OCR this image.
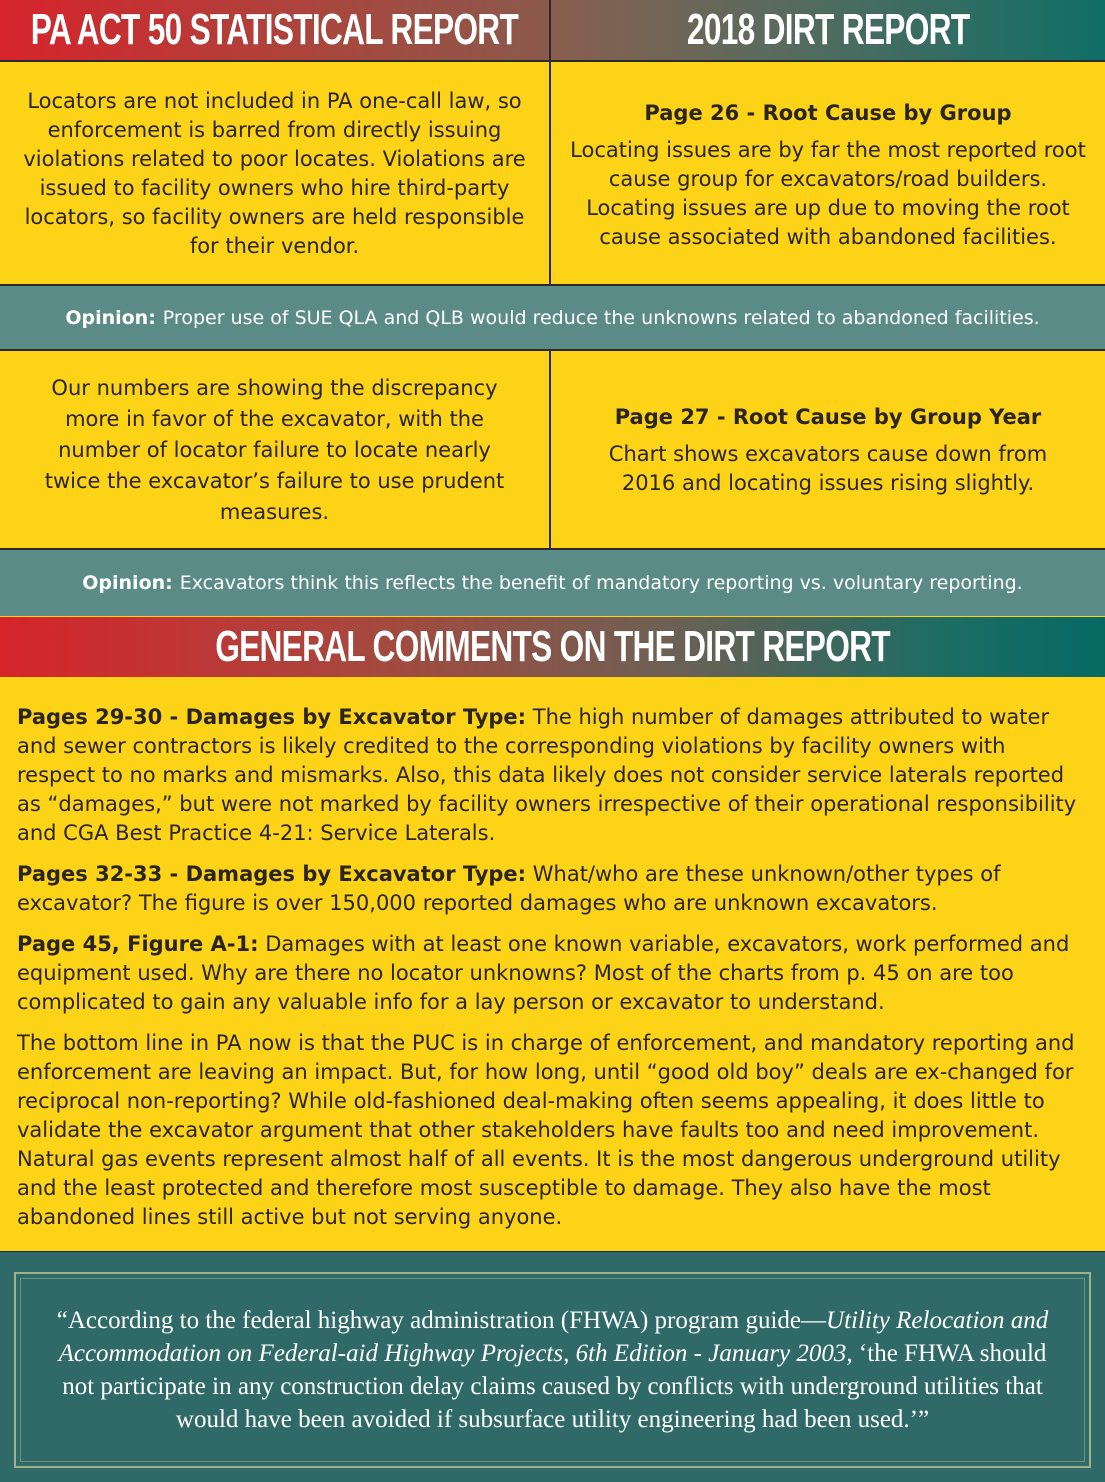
PA ACT 50 STATISTICAL REPORT	2018 DIRT REPORT
Locators are not included in PA one-call law, so enforcement is barred from directly issuing violations related to poor locates. Violations are issued to facility owners who hire third-party locators, so facility owners are held responsible for their vendor.
Page 26 - Root Cause by Group
Locating issues are by far the most reported root cause group for excavators/road builders. Locating issues are up due to moving the root cause associated with abandoned facilities.
Opinion: Proper use of SUE QLA and QLB would reduce the unknowns related to abandoned facilities.
Our numbers are showing the discrepancy more in favor of the excavator, with the number of locator failure to locate nearly twice the excavator’s failure to use prudent measures.
Page 27 - Root Cause by Group Year
Chart shows excavators cause down from 2016 and locating issues rising slightly.
Opinion: Excavators think this reflects the benefit of mandatory reporting vs. voluntary reporting.
GENERAL COMMENTS ON THE DIRT REPORT

Pages 29-30 - Damages by Excavator Type: The high number of damages attributed to water and sewer contractors is likely credited to the corresponding violations by facility owners with respect to no marks and mismarks. Also, this data likely does not consider service laterals reported as “damages,” but were not marked by facility owners irrespective of their operational responsibility and CGA Best Practice 4-21: Service Laterals.

Pages 32-33 - Damages by Excavator Type: What/who are these unknown/other types of excavator? The figure is over 150,000 reported damages who are unknown excavators.

Page 45, Figure A-1: Damages with at least one known variable, excavators, work performed and equipment used. Why are there no locator unknowns? Most of the charts from p. 45 on are too complicated to gain any valuable info for a lay person or excavator to understand.

The bottom line in PA now is that the PUC is in charge of enforcement, and mandatory reporting and enforcement are leaving an impact. But, for how long, until “good old boy” deals are ex-changed for reciprocal non-reporting? While old-fashioned deal-making often seems appealing, it does little to validate the excavator argument that other stakeholders have faults too and need improvement. Natural gas events represent almost half of all events. It is the most dangerous underground utility and the least protected and therefore most susceptible to damage. They also have the most abandoned lines still active but not serving anyone.

“According to the federal highway administration (FHWA) program guide—Utility Relocation and Accommodation on Federal-aid Highway Projects, 6th Edition - January 2003, ‘the FHWA should not participate in any construction delay claims caused by conflicts with underground utilities that would have been avoided if subsurface utility engineering had been used.’”
